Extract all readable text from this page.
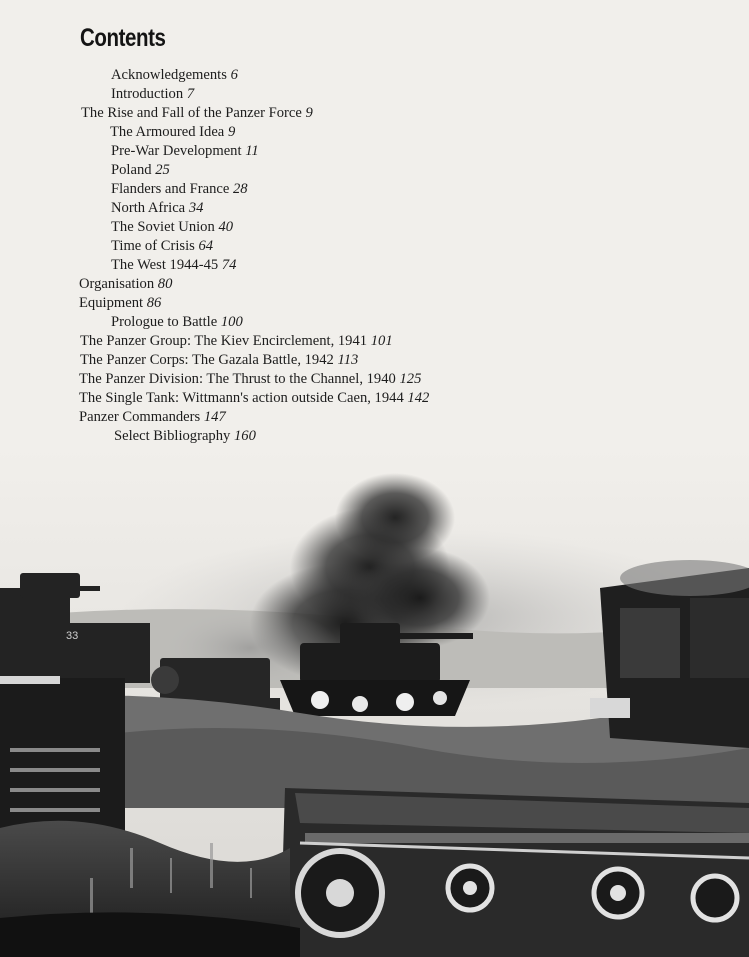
Contents
Acknowledgements 6
Introduction 7
The Rise and Fall of the Panzer Force 9
The Armoured Idea 9
Pre-War Development 11
Poland 25
Flanders and France 28
North Africa 34
The Soviet Union 40
Time of Crisis 64
The West 1944-45 74
Organisation 80
Equipment 86
Prologue to Battle 100
The Panzer Group: The Kiev Encirclement, 1941 101
The Panzer Corps: The Gazala Battle, 1942 113
The Panzer Division: The Thrust to the Channel, 1940 125
The Single Tank: Wittmann's action outside Caen, 1944 142
Panzer Commanders 147
Select Bibliography 160
33
